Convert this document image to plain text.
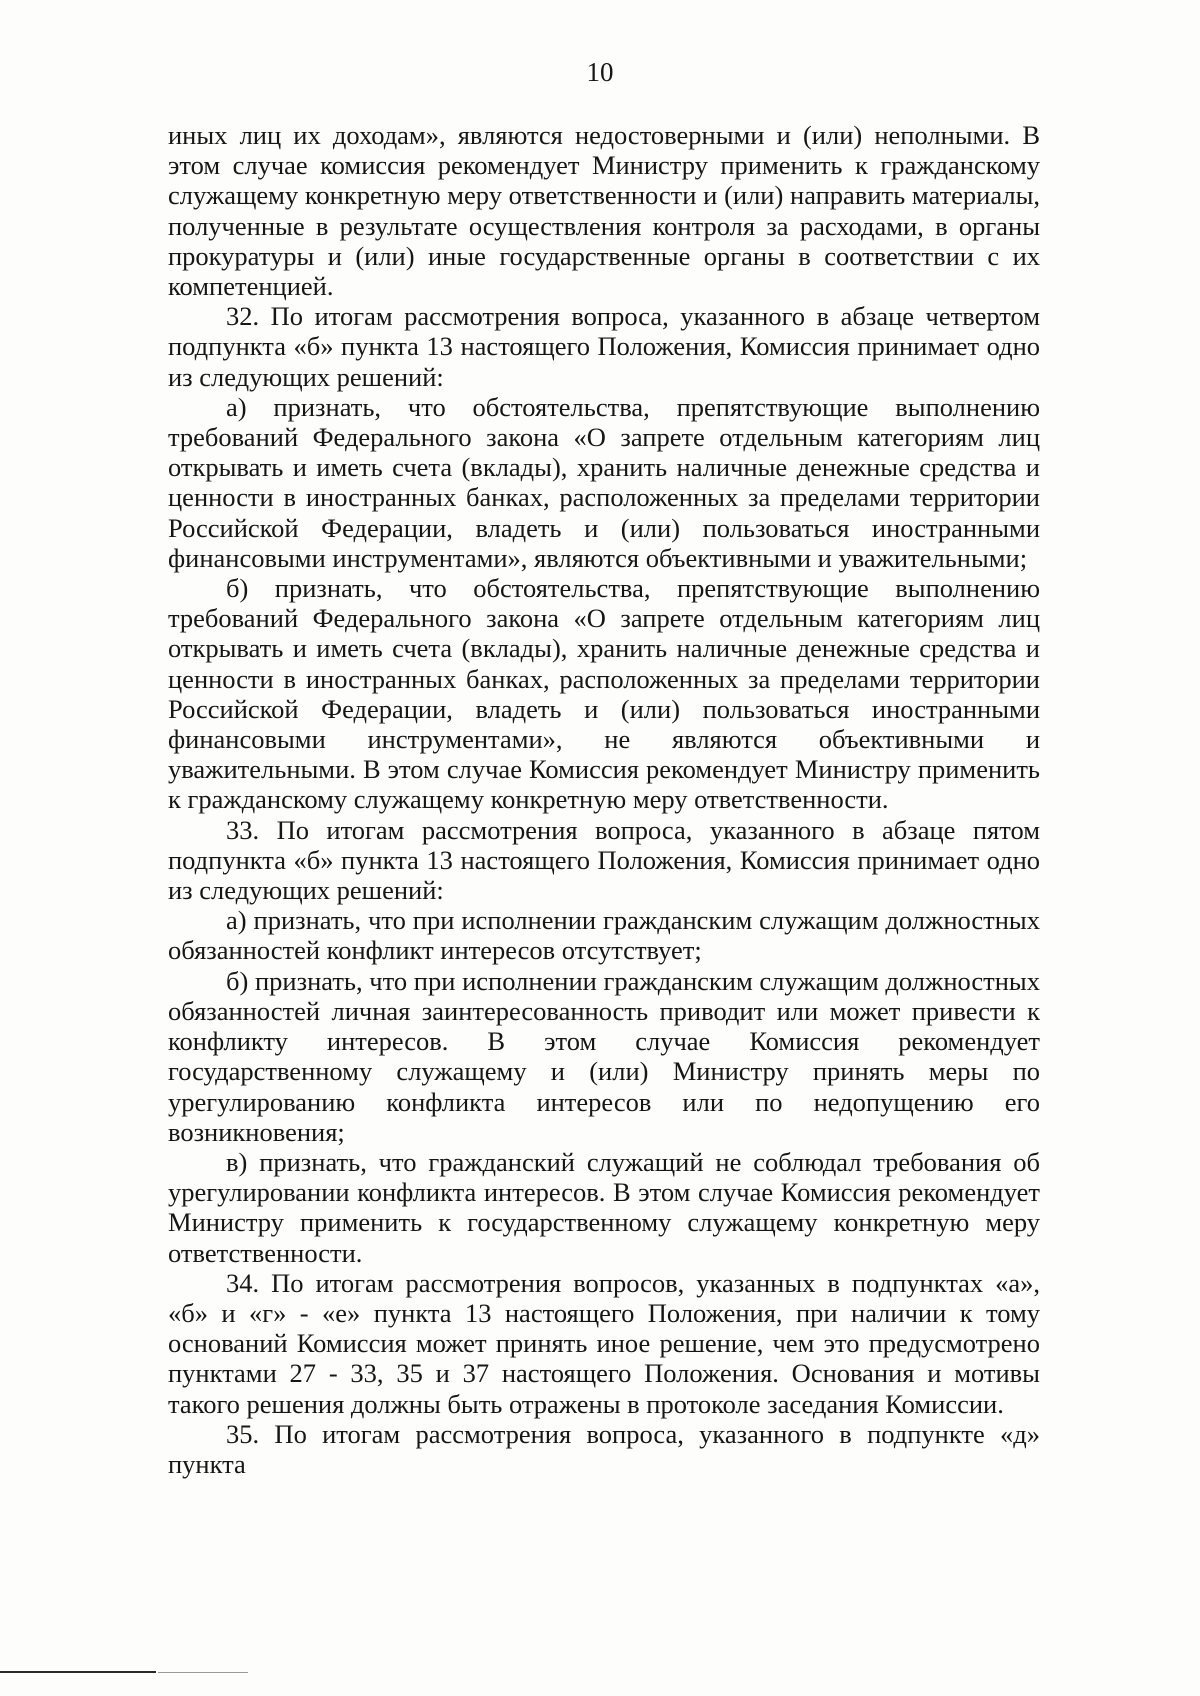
10

иных лиц их доходам», являются недостоверными и (или) неполными. В этом случае комиссия рекомендует Министру применить к гражданскому служащему конкретную меру ответственности и (или) направить материалы, полученные в результате осуществления контроля за расходами, в органы прокуратуры и (или) иные государственные органы в соответствии с их компетенцией.

32. По итогам рассмотрения вопроса, указанного в абзаце четвертом подпункта «б» пункта 13 настоящего Положения, Комиссия принимает одно из следующих решений:

а) признать, что обстоятельства, препятствующие выполнению требований Федерального закона «О запрете отдельным категориям лиц открывать и иметь счета (вклады), хранить наличные денежные средства и ценности в иностранных банках, расположенных за пределами территории Российской Федерации, владеть и (или) пользоваться иностранными финансовыми инструментами», являются объективными и уважительными;

б) признать, что обстоятельства, препятствующие выполнению требований Федерального закона «О запрете отдельным категориям лиц открывать и иметь счета (вклады), хранить наличные денежные средства и ценности в иностранных банках, расположенных за пределами территории Российской Федерации, владеть и (или) пользоваться иностранными финансовыми инструментами», не являются объективными и уважительными. В этом случае Комиссия рекомендует Министру применить к гражданскому служащему конкретную меру ответственности.

33. По итогам рассмотрения вопроса, указанного в абзаце пятом подпункта «б» пункта 13 настоящего Положения, Комиссия принимает одно из следующих решений:

а) признать, что при исполнении гражданским служащим должностных обязанностей конфликт интересов отсутствует;

б) признать, что при исполнении гражданским служащим должностных обязанностей личная заинтересованность приводит или может привести к конфликту интересов. В этом случае Комиссия рекомендует государственному служащему и (или) Министру принять меры по урегулированию конфликта интересов или по недопущению его возникновения;

в) признать, что гражданский служащий не соблюдал требования об урегулировании конфликта интересов. В этом случае Комиссия рекомендует Министру применить к государственному служащему конкретную меру ответственности.

34. По итогам рассмотрения вопросов, указанных в подпунктах «а», «б» и «г» - «е» пункта 13 настоящего Положения, при наличии к тому оснований Комиссия может принять иное решение, чем это предусмотрено пунктами 27 - 33, 35 и 37 настоящего Положения. Основания и мотивы такого решения должны быть отражены в протоколе заседания Комиссии.

35. По итогам рассмотрения вопроса, указанного в подпункте «д» пункта
